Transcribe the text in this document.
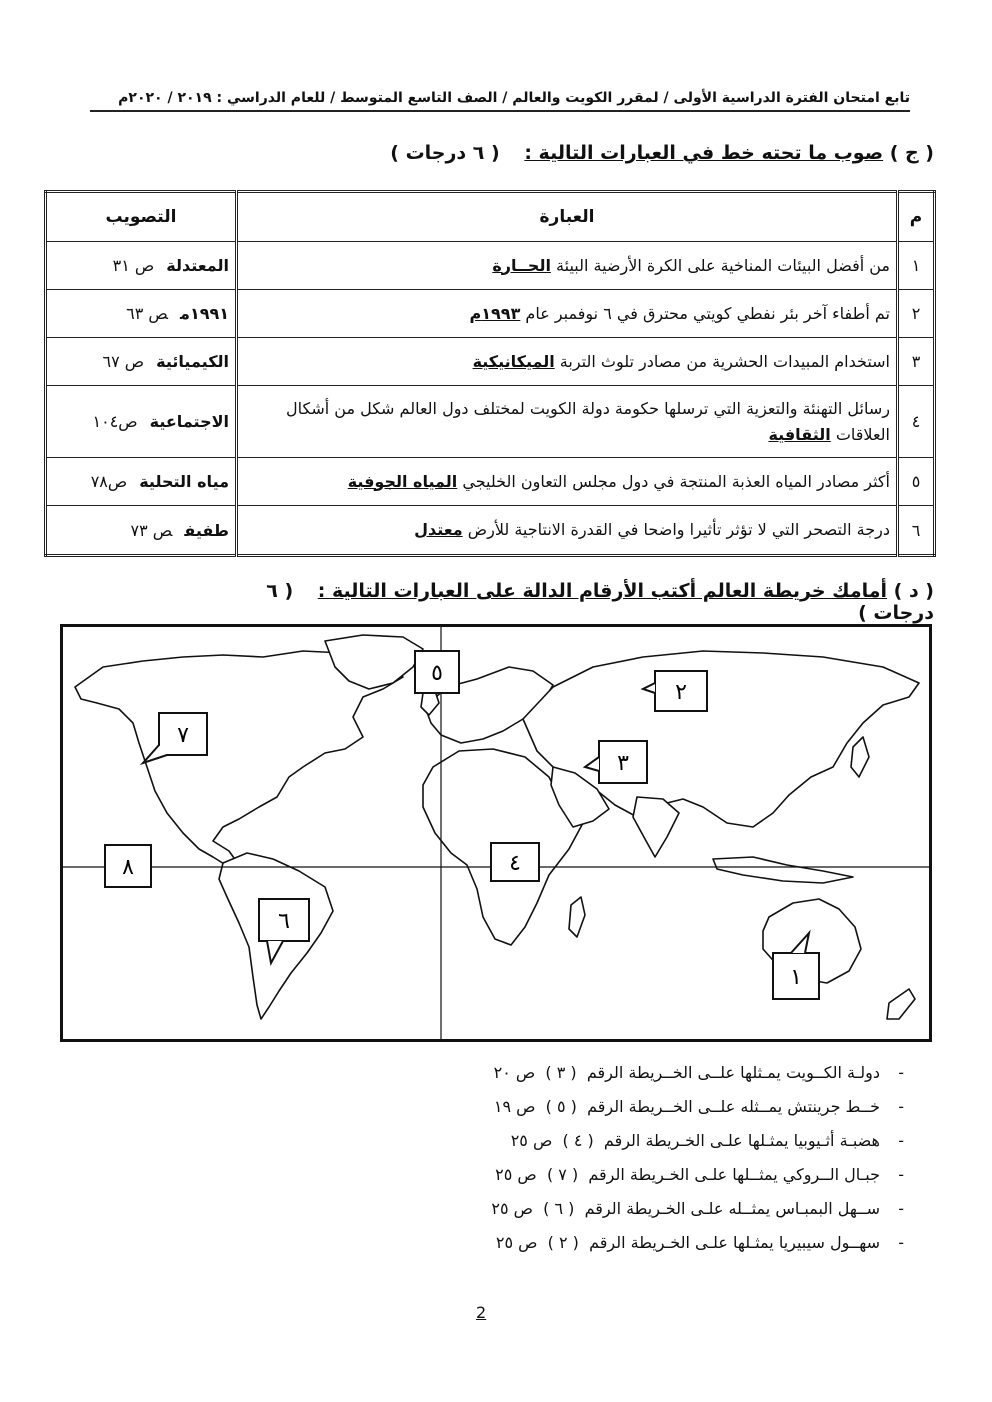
تابع امتحان الفترة الدراسية الأولى / لمقرر الكويت والعالم / الصف التاسع المتوسط / للعام الدراسي : ٢٠١٩ / ٢٠٢٠م
( ج ) صوب ما تحته خط في العبارات التالية : ( ٦ درجات )
م	العبارة	التصويب
١	من أفضل البيئات المناخية على الكرة الأرضية البيئة الحــارة	المعتدلةص ٣١
٢	تم أطفاء آخر بئر نفطي كويتي محترق في ٦ نوفمبر عام ١٩٩٣م	١٩٩١مص ٦٣
٣	استخدام المبيدات الحشرية من مصادر تلوث التربة الميكانيكية	الكيميائيةص ٦٧
٤	رسائل التهنئة والتعزية التي ترسلها حكومة دولة الكويت لمختلف دول العالم شكل من أشكال العلاقات الثقافية	الاجتماعيةص١٠٤
٥	أكثر مصادر المياه العذبة المنتجة في دول مجلس التعاون الخليجي المياه الجوفية	مياه التحليةص٧٨
٦	درجة التصحر التي لا تؤثر تأثيرا واضحا في القدرة الانتاجية للأرض معتدل	طفيفص ٧٣
( د ) أمامك خريطة العالم أكتب الأرقام الدالة على العبارات التالية : ( ٦ درجات )
٥
٢
٣
٧
٨	٤
٦
١
-
دولـة الكــويت يمـثلها علــى الخــريطة الرقم  ( ٣ )  ص ٢٠
-
خــط جرينتش يمــثله علــى الخــريطة الرقم  ( ٥ )  ص ١٩
-
هضبـة أثـيوبيا يمثـلها علـى الخـريطة الرقم  ( ٤ )  ص ٢٥
-
جبـال الــروكي يمثــلها علـى الخـريطة الرقم  ( ٧ )  ص ٢٥
-
ســهل البمبـاس يمثــله علـى الخـريطة الرقم  ( ٦ )  ص ٢٥
-
سهــول سيبيريا يمثـلها علـى الخـريطة الرقم  ( ٢ )  ص ٢٥
2
